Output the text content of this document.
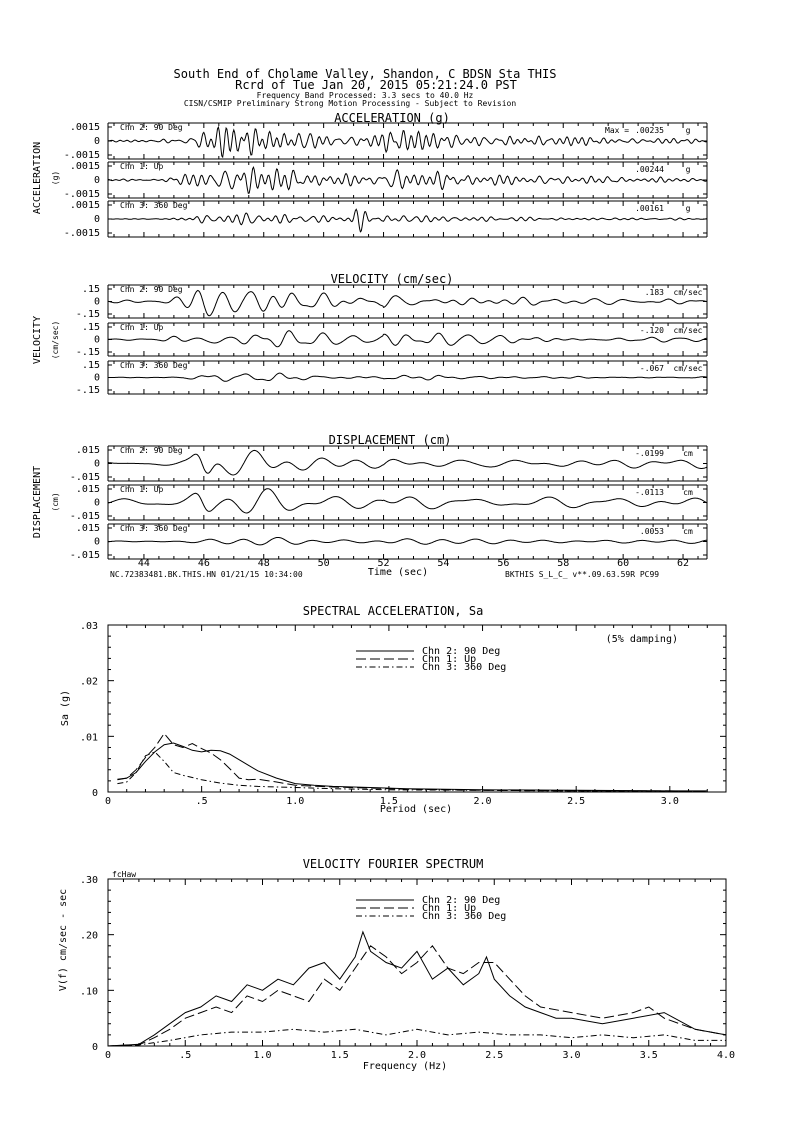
South End of Cholame Valley, Shandon, C BDSN Sta THIS
Rcrd of Tue Jan 20, 2015 05:21:24.0 PST
Frequency Band Processed: 3.3 secs to 40.0 Hz
CISN/CSMIP Preliminary Strong Motion Processing - Subject to Revision
ACCELERATION (g)
ACCELERATION (g)
.0015
0
-.0015
Chn 2: 90 Deg	Max = .00235	g
.0015
0
-.0015
Chn 1: Up	.00244	g
.0015
0
-.0015
Chn 3: 360 Deg	.00161	g
VELOCITY (cm/sec)
VELOCITY (cm/sec)
.15
0
-.15
Chn 2: 90 Deg	.183 cm/sec
.15
0
-.15
Chn 1: Up	-.120 cm/sec
.15
0
-.15
Chn 3: 360 Deg	-.067 cm/sec
DISPLACEMENT (cm)
DISPLACEMENT (cm)
.015
0
-.015
Chn 2: 90 Deg	-.0199 cm
.015
0
-.015
Chn 1: Up	-.0113 cm
.015
0
-.015
Chn 3: 360 Deg	.0053 cm
44	46	48	50	52	54	56	58	60	62
Time (sec)
NC.72383481.BK.THIS.HN 01/21/15 10:34:00	BKTHIS S_L_C_ v**.09.63.59R PC99
SPECTRAL ACCELERATION, Sa
Sa (g)
Period (sec)
(5% damping)
0	.5	1.0	1.5	2.0	2.5	3.0
0
.01
.02
.03
Chn 2: 90 Deg
Chn 1: Up
Chn 3: 360 Deg
VELOCITY FOURIER SPECTRUM
V(f) cm/sec - sec
Frequency (Hz)
fcHaw
0	.5	1.0	1.5	2.0	2.5	3.0	3.5	4.0
0
.10
.20
.30
Chn 2: 90 Deg
Chn 1: Up
Chn 3: 360 Deg
